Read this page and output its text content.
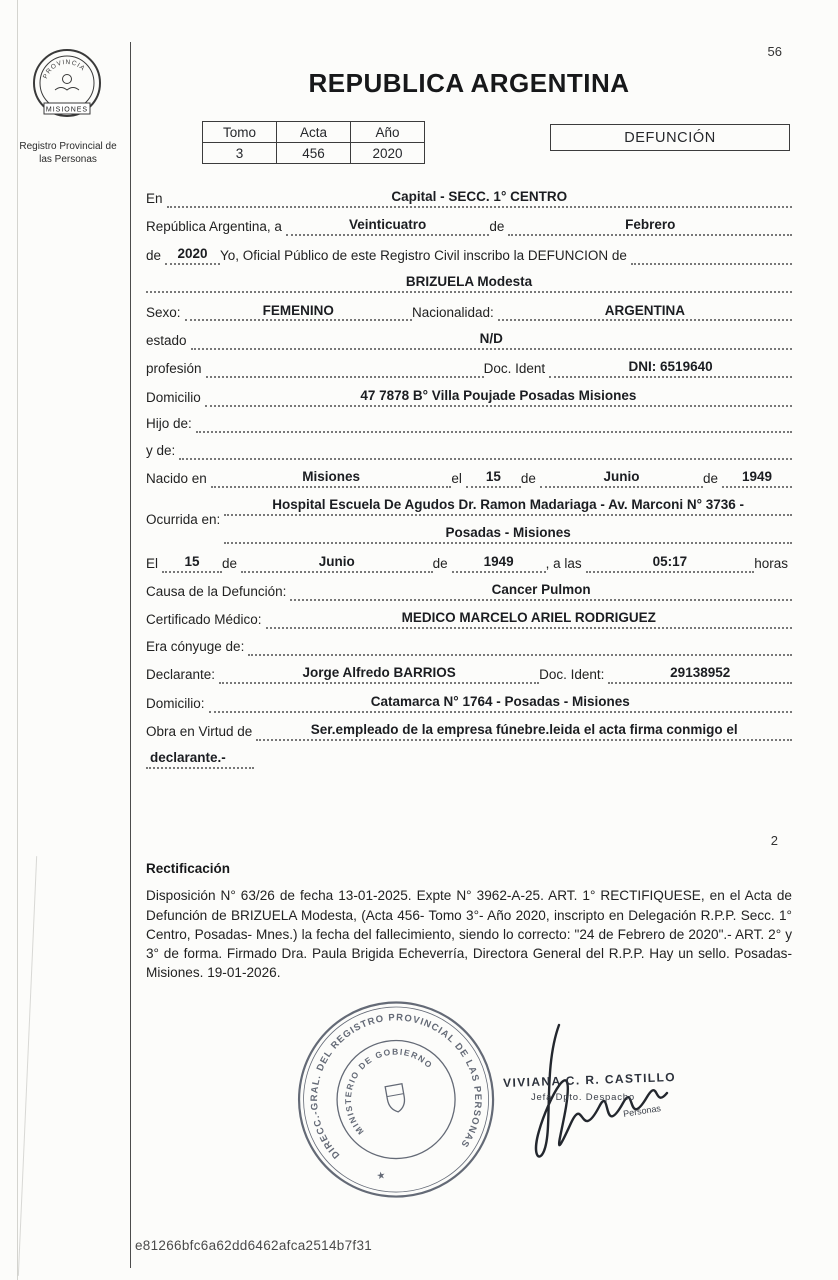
56
2
PROVINCIA
MISIONES
Registro Provincial de
las Personas
REPUBLICA ARGENTINA
Tomo	Acta	Año
3	456	2020
DEFUNCIÓN
En	Capital - SECC. 1° CENTRO
República Argentina, a	Veinticuatro	de	Febrero
de	2020 Yo, Oficial Público de este Registro Civil inscribo la DEFUNCION de
BRIZUELA Modesta
Sexo:	FEMENINO	Nacionalidad:	ARGENTINA
estado	N/D
profesión	Doc. Ident	DNI: 6519640
Domicilio	47 7878 B° Villa Poujade Posadas Misiones
Hijo de:
y de:
Nacido en	Misiones	el	15	de	Junio	de	1949
Ocurrida en:
Hospital Escuela De Agudos Dr. Ramon Madariaga - Av. Marconi N° 3736 -
Posadas - Misiones
El	15	de	Junio	de	1949	, a las	05:17	horas
Causa de la Defunción:	Cancer Pulmon
Certificado Médico:	MEDICO MARCELO ARIEL RODRIGUEZ
Era cónyuge de:
Declarante:	Jorge Alfredo BARRIOS	Doc. Ident:	29138952
Domicilio:	Catamarca N° 1764 - Posadas - Misiones
Obra en Virtud de	Ser.empleado de la empresa fúnebre.leida el acta firma conmigo el
declarante.-
Rectificación

Disposición N° 63/26 de fecha 13-01-2025. Expte N° 3962-A-25. ART. 1° RECTIFIQUESE, en el Acta de Defunción de BRIZUELA Modesta, (Acta 456- Tomo 3°- Año 2020, inscripto en Delegación R.P.P. Secc. 1° Centro, Posadas- Mnes.) la fecha del fallecimiento, siendo lo correcto: "24 de Febrero de 2020".- ART. 2° y 3° de forma. Firmado Dra. Paula Brigida Echeverría, Directora General del R.P.P. Hay un sello. Posadas- Misiones. 19-01-2026.

DIRECC.-GRAL. DEL REGISTRO PROVINCIAL DE LAS PERSONAS
MINISTERIO DE GOBIERNO
★
VIVIANA C. R. CASTILLO
Jefa Dpto. Despacho
Personas
e81266bfc6a62dd6462afca2514b7f31
